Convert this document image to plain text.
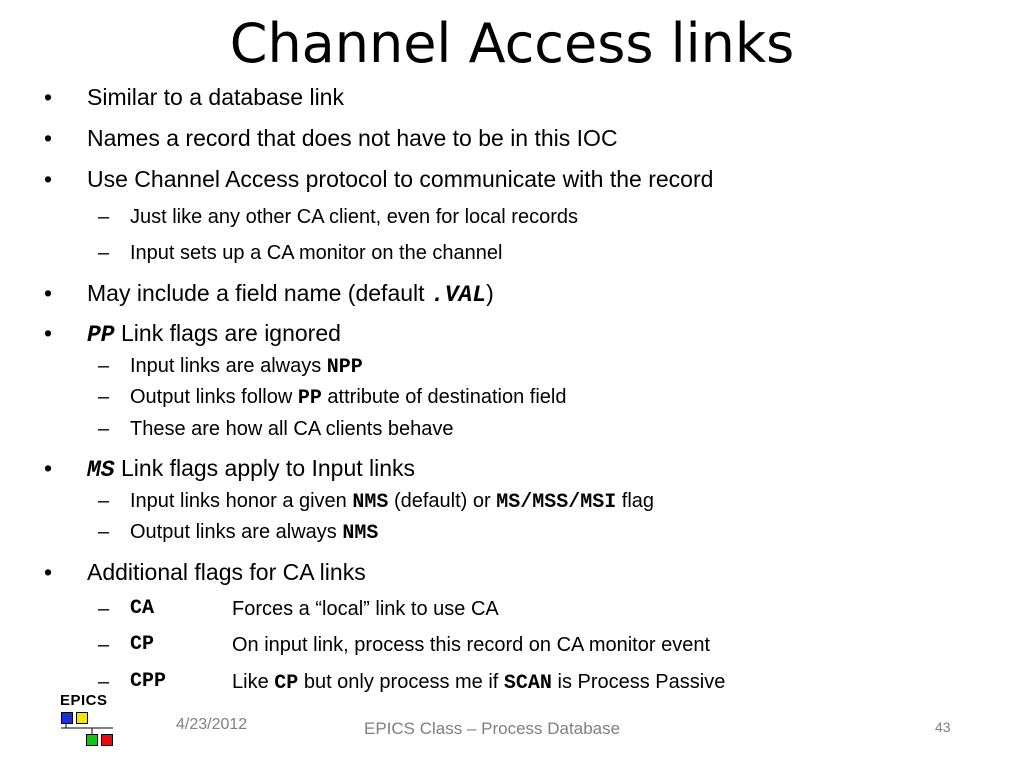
Channel Access links
• Similar to a database link
• Names a record that does not have to be in this IOC
• Use Channel Access protocol to communicate with the record
– Just like any other CA client, even for local records
– Input sets up a CA monitor on the channel
• May include a field name (default .VAL)
• PP Link flags are ignored
– Input links are always NPP
– Output links follow PP attribute of destination field
– These are how all CA clients behave
• MS Link flags apply to Input links
– Input links honor a given NMS (default) or MS/MSS/MSI flag
– Output links are always NMS
• Additional flags for CA links
– CA	Forces a “local” link to use CA
– CP	On input link, process this record on CA monitor event
– CPP	Like CP but only process me if SCAN is Process Passive
EPICS
4/23/2012	EPICS Class – Process Database	43
